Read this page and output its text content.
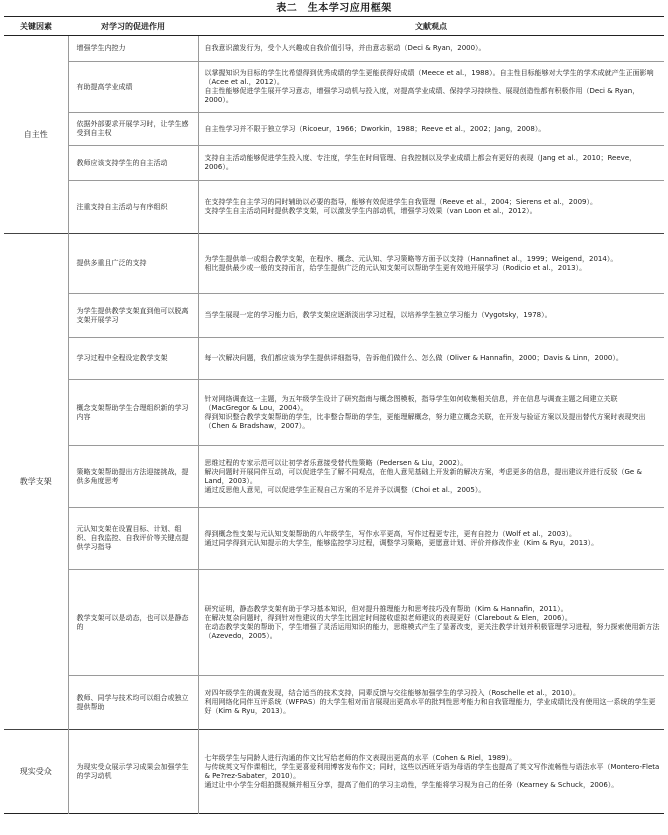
表二　生本学习应用框架
关键因素	对学习的促进作用	文献观点
自主性	增强学生内控力	自我意识激发行为，受个人兴趣或自我价值引导，并由意志驱动（Deci & Ryan，2000）。

	有助提高学业成绩	以掌握知识为目标的学生比希望得到优秀成绩的学生更能获得好成绩（Meece et al.，1988）。自主性目标能够对大学生的学术成就产生正面影响（Acee et al.，2012）。
自主性能够促进学生展开学习意志，增强学习动机与投入度，对提高学业成绩、保持学习持续性、展现创造性都有积极作用（Deci & Ryan，2000）。

	依据外部要求开展学习时，让学生感受到自主权	自主性学习并不限于独立学习（Ricoeur，1966；Dworkin，1988；Reeve et al.，2002；Jang，2008）。

	教师应该支持学生的自主活动	支持自主活动能够促进学生投入度、专注度，学生在时间管理、自我控制以及学业成绩上都会有更好的表现（Jang et al.，2010；Reeve，2006）。

	注重支持自主活动与有序组织	在支持学生自主学习的同时辅助以必要的指导，能够有效促进学生自我管理（Reeve et al.，2004；Sierens et al.，2009）。
支持学生自主活动同时提供教学支架，可以激发学生内部动机，增强学习效果（van Loon et al.，2012）。

教学支架	提供多重且广泛的支持	为学生提供单一或组合教学支架，在程序、概念、元认知、学习策略等方面予以支持（Hannafinet al.，1999；Weigend，2014）。
相比提供最少或一般的支持而言，给学生提供广泛的元认知支架可以帮助学生更有效地开展学习（Rodicio et al.，2013）。

	为学生提供教学支架直到他可以脱离支架开展学习	当学生展现一定的学习能力后，教学支架应逐渐淡出学习过程，以培养学生独立学习能力（Vygotsky，1978）。

	学习过程中全程设定教学支架	每一次解决问题，我们都应该为学生提供详细指导，告诉他们做什么、怎么做（Oliver & Hannafin，2000；Davis & Linn，2000）。

	概念支架帮助学生合理组织新的学习内容	针对网络调查这一主题，为五年级学生设计了研究指南与概念图模板，指导学生如何收集相关信息，并在信息与调查主题之间建立关联（MacGregor & Lou，2004）。
得到知识整合教学支架帮助的学生，比非整合帮助的学生，更能理解概念，努力建立概念关联，在开发与验证方案以及提出替代方案时表现突出（Chen & Bradshaw，2007）。

	策略支架帮助提出方法迎接挑战，提供多角度思考	思维过程的专家示范可以让初学者乐意接受替代性策略（Pedersen & Liu，2002）。
解决问题时开展同伴互动，可以促进学生了解不同观点，在他人意见基础上开发新的解决方案，考虑更多的信息，提出建议并进行反驳（Ge & Land，2003）。
通过反思他人意见，可以促进学生正视自己方案的不足并予以调整（Choi et al.，2005）。

	元认知支架在设置目标、计划、组织、自我监控、自我评价等关键点提供学习指导	得到概念性支架与元认知支架帮助的八年级学生，写作水平更高，写作过程更专注，更有自控力（Wolf et al.，2003）。
通过同学得到元认知提示的大学生，能够监控学习过程，调整学习策略，更愿意计划、评价并修改作业（Kim & Ryu，2013）。

	教学支架可以是动态，也可以是静态的	研究证明，静态教学支架有助于学习基本知识，但对提升推理能力和思考技巧没有帮助（Kim & Hannafin，2011）。
在解决复杂问题时，得到针对性建议的大学生比固定时间接收虚拟老师建议的表现更好（Clarebout & Elen，2006）。
在动态教学支架的帮助下，学生增强了灵活运用知识的能力，思维模式产生了显著改变，更关注教学计划并积极管理学习进程，努力探索使用新方法（Azevedo，2005）。

	教师、同学与技术均可以组合或独立提供帮助	对四年级学生的调查发现，结合适当的技术支持，同辈反馈与交往能够加强学生的学习投入（Roschelle et al.，2010）。
利用网络化同伴互评系统（WFPAS）的大学生相对而言展现出更高水平的批判性思考能力和自我管理能力，学业成绩比没有使用这一系统的学生更好（Kim & Ryu，2013）。

现实受众	为现实受众展示学习成果会加强学生的学习动机	七年级学生与同龄人进行沟通的作文比写给老师的作文表现出更高的水平（Cohen & Riel，1989）。
与传统英文写作课相比，学生更喜爱利用博客发布作文；同时，这些以西班牙语为母语的学生也提高了英文写作流畅性与语法水平（Montero-Fleta & Pe?rez-Sabater，2010）。
通过让中小学生分组拍摄视频并相互分享，提高了他们的学习主动性，学生能将学习视为自己的任务（Kearney & Schuck，2006）。
